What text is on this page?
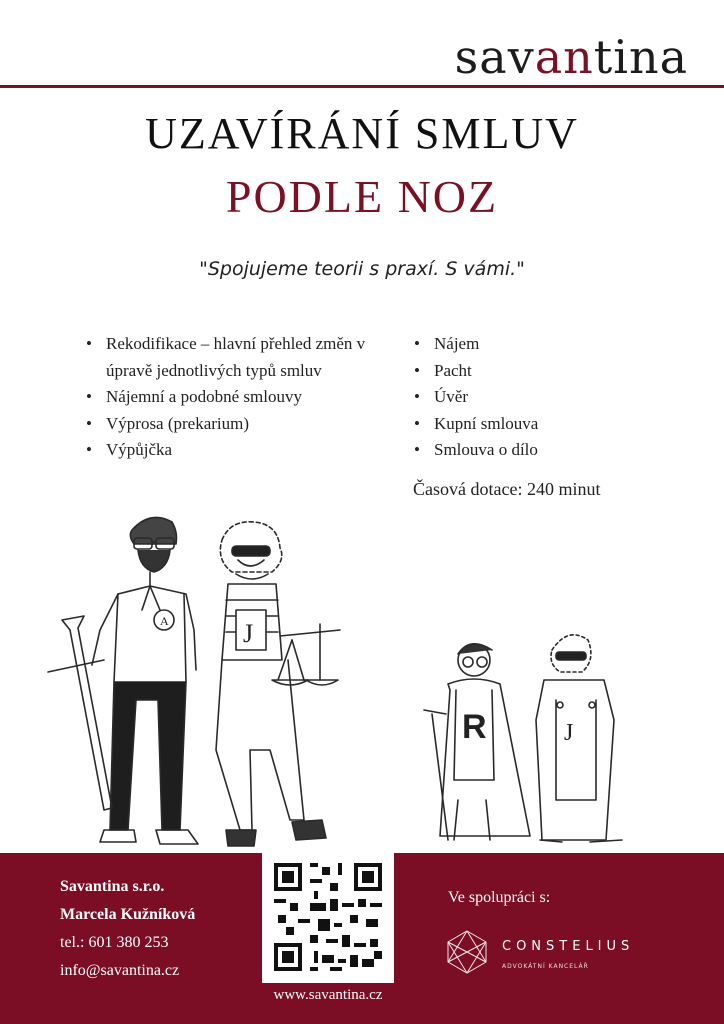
savantina
UZAVÍRÁNÍ SMLUV
PODLE NOZ
"Spojujeme teorii s praxí. S vámi."
• Rekodifikace – hlavní přehled změn v úpravě jednotlivých typů smluv
• Nájemní a podobné smlouvy
• Výprosa (prekarium)
• Výpůjčka
• Nájem
• Pacht
• Úvěr
• Kupní smlouva
• Smlouva o dílo
Časová dotace: 240 minut
A	J
R	J
Savantina s.r.o.
Marcela Kužníková
tel.: 601 380 253
info@savantina.cz
www.savantina.cz
Ve spolupráci s:
CONSTELIUS
ADVOKÁTNÍ KANCELÁŘ
